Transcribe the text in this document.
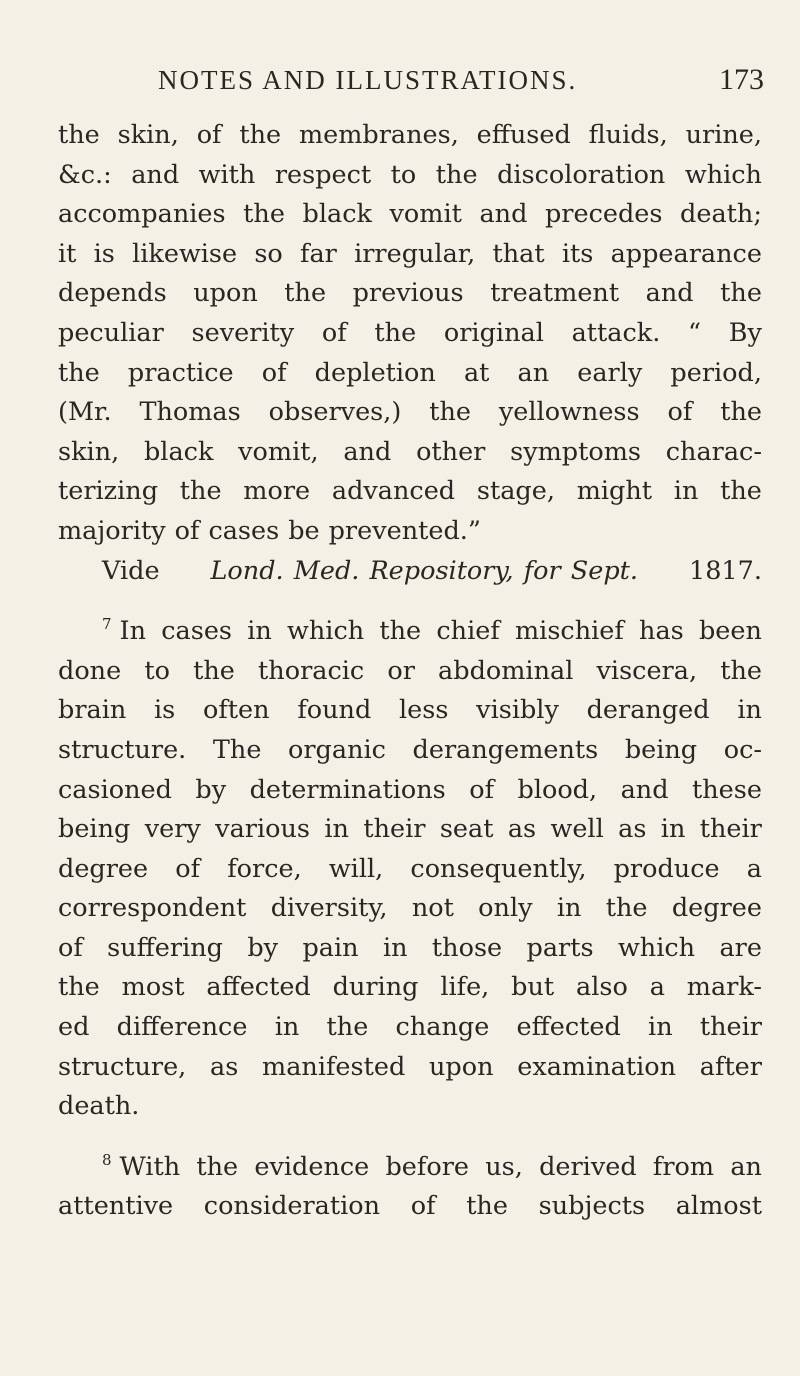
NOTES AND ILLUSTRATIONS.	173
the skin, of the membranes, effused fluids, urine,
&c.: and with respect to the discoloration which
accompanies the black vomit and precedes death;
it is likewise so far irregular, that its appearance
depends upon the previous treatment and the
peculiar severity of the original attack. “ By
the practice of depletion at an early period,
(Mr. Thomas observes,) the yellowness of the
skin, black vomit, and other symptoms charac-
terizing the more advanced stage, might in the
majority of cases be prevented.”
Vide Lond. Med. Repository, for Sept. 1817.
7 In cases in which the chief mischief has been
done to the thoracic or abdominal viscera, the
brain is often found less visibly deranged in
structure. The organic derangements being oc-
casioned by determinations of blood, and these
being very various in their seat as well as in their
degree of force, will, consequently, produce a
correspondent diversity, not only in the degree
of suffering by pain in those parts which are
the most affected during life, but also a mark-
ed difference in the change effected in their
structure, as manifested upon examination after
death.
8 With the evidence before us, derived from an
attentive consideration of the subjects almost
